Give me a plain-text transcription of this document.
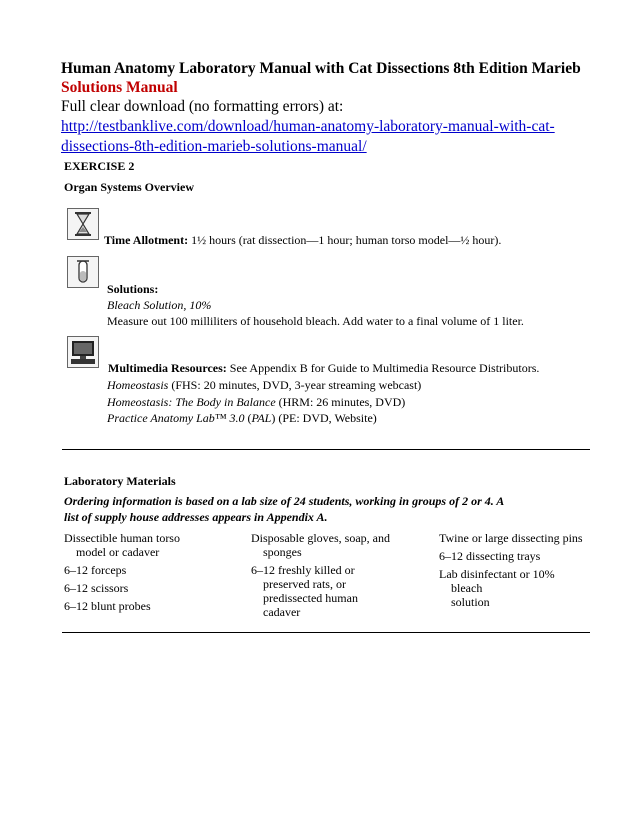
Human Anatomy Laboratory Manual with Cat Dissections 8th Edition Marieb
Solutions Manual
Full clear download (no formatting errors) at:
http://testbanklive.com/download/human-anatomy-laboratory-manual-with-cat-
dissections-8th-edition-marieb-solutions-manual/
EXERCISE 2
Organ Systems Overview
Time Allotment: 1½ hours (rat dissection—1 hour; human torso model—½ hour).
Solutions:
Bleach Solution, 10%
Measure out 100 milliliters of household bleach. Add water to a final volume of 1 liter.
Multimedia Resources: See Appendix B for Guide to Multimedia Resource Distributors.
Homeostasis (FHS: 20 minutes, DVD, 3-year streaming webcast)
Homeostasis: The Body in Balance (HRM: 26 minutes, DVD)
Practice Anatomy Lab™ 3.0 (PAL) (PE: DVD, Website)
Laboratory Materials
Ordering information is based on a lab size of 24 students, working in groups of 2 or 4. A
list of supply house addresses appears in Appendix A.

Dissectible human torso
model or cadaver

6–12 forceps

6–12 scissors

6–12 blunt probes

Disposable gloves, soap, and
sponges

6–12 freshly killed or
preserved rats, or
predissected human
cadaver

Twine or large dissecting pins

6–12 dissecting trays

Lab disinfectant or 10%
bleach
solution
